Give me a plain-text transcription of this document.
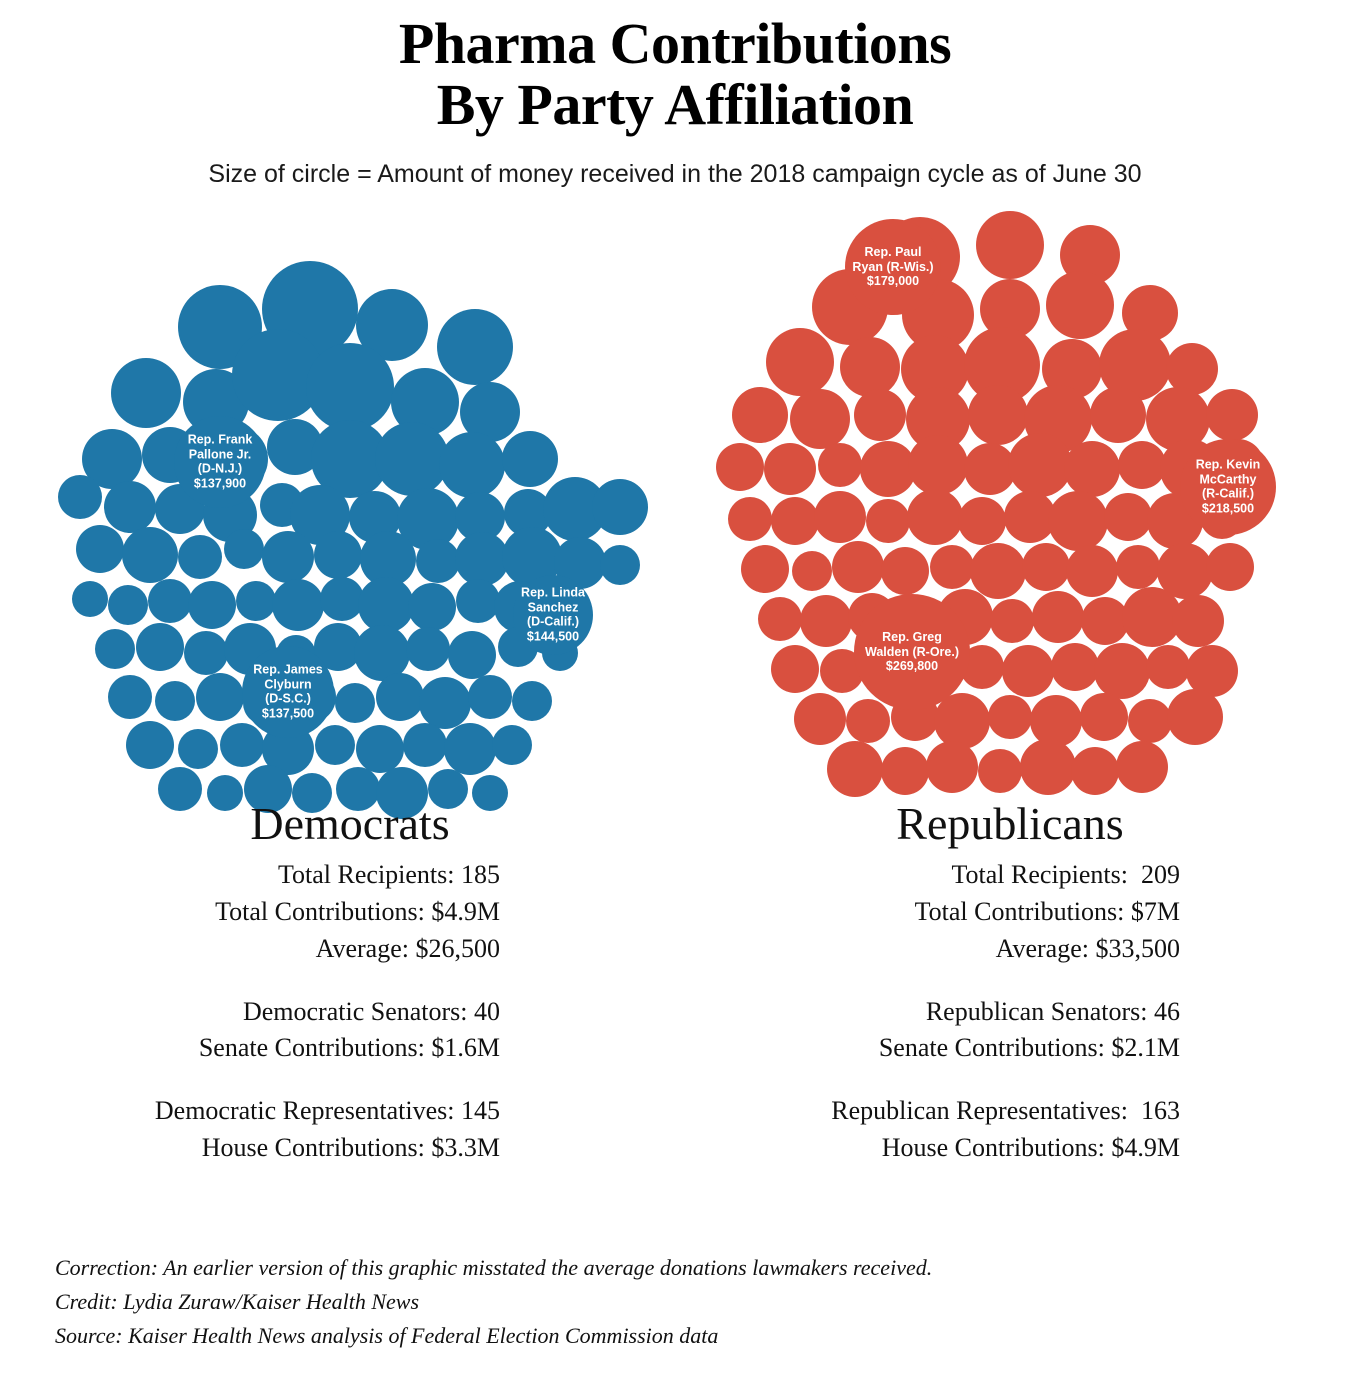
Pharma Contributions
By Party Affiliation
Size of circle = Amount of money received in the 2018 campaign cycle as of June 30
Rep. Frank
Pallone Jr.
(D-N.J.)
$137,900
Rep. Linda
Sanchez
(D-Calif.)
$144,500
Rep. James
Clyburn
(D-S.C.)
$137,500
Rep. Paul
Ryan (R-Wis.)
$179,000
Rep. Kevin
McCarthy
(R-Calif.)
$218,500
Rep. Greg
Walden (R-Ore.)
$269,800
Democrats	Republicans
Total Recipients: 185
Total Contributions: $4.9M
Average: $26,500
Democratic Senators: 40
Senate Contributions: $1.6M
Democratic Representatives: 145
House Contributions: $3.3M
Total Recipients:  209
Total Contributions: $7M
Average: $33,500
Republican Senators: 46
Senate Contributions: $2.1M
Republican Representatives:  163
House Contributions: $4.9M
Correction: An earlier version of this graphic misstated the average donations lawmakers received.
Credit: Lydia Zuraw/Kaiser Health News
Source: Kaiser Health News analysis of Federal Election Commission data
